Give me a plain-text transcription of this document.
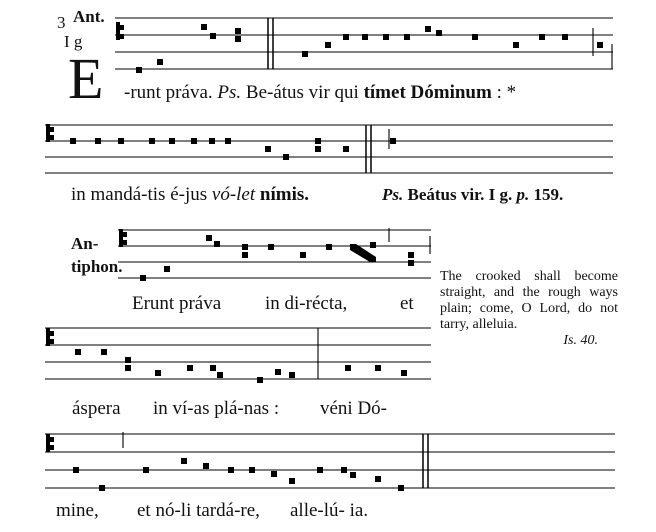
3 Ant.
I g
E -runt práva. Ps. Be-átus vir qui tímet Dóminum : *
in mandá-tis é-jus vó-let nímis.	Ps. Beátus vir. I g. p. 159.
An-
tiphon.
Erunt práva in di-récta,	et
The crooked shall become straight, and the rough ways plain; come, O Lord, do not tarry, alleluia.
Is. 40.
áspera in ví-as plá-nas : véni Dó-
mine, et nó-li tardá-re, alle-lú- ia.
